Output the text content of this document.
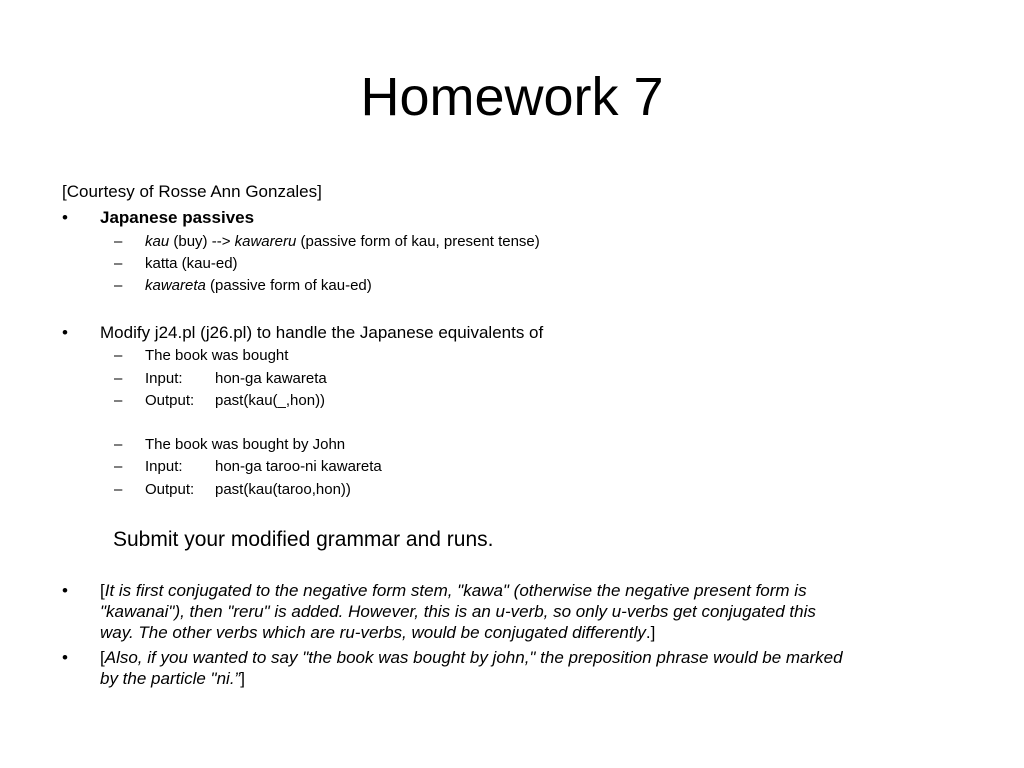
Homework 7
[Courtesy of Rosse Ann Gonzales]
• Japanese passives
– kau (buy) --> kawareru (passive form of kau, present tense)
– katta (kau-ed)
– kawareta (passive form of kau-ed)
• Modify j24.pl (j26.pl) to handle the Japanese equivalents of
– The book was bought
– Input: hon-ga kawareta
– Output: past(kau(_,hon))
– The book was bought by John
– Input: hon-ga taroo-ni kawareta
– Output: past(kau(taroo,hon))
Submit your modified grammar and runs.
• [It is first conjugated to the negative form stem, "kawa" (otherwise the negative present form is
"kawanai"), then "reru" is added. However, this is an u-verb, so only u-verbs get conjugated this
way. The other verbs which are ru-verbs, would be conjugated differently.]
• [Also, if you wanted to say "the book was bought by john," the preposition phrase would be marked
by the particle "ni.”]
